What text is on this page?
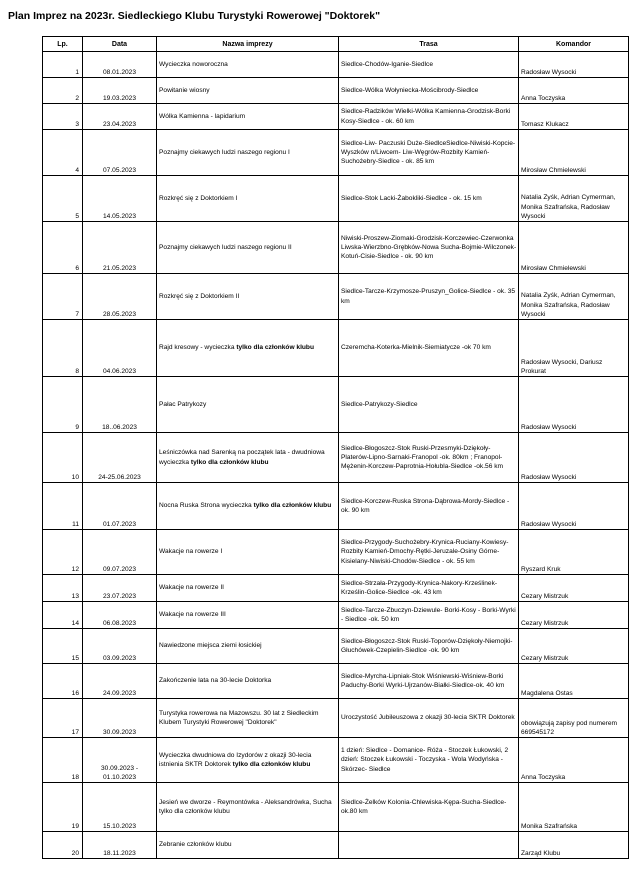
Plan Imprez na 2023r. Siedleckiego Klubu Turystyki Rowerowej "Doktorek"
Lp.	Data	Nazwa imprezy	Trasa	Komandor
1	08.01.2023	Wycieczka noworoczna	Siedlce-Chodów-Iganie-Siedlce	Radosław Wysocki
2	19.03.2023	Powitanie wiosny	Siedlce-Wólka Wołyniecka-Mościbrody-Siedlce	Anna Toczyska
3	23.04.2023	Wólka Kamienna - lapidarium	Siedlce-Radzików Wielki-Wólka Kamienna-Grodzisk-Borki Kosy-Siedlce - ok. 60 km	Tomasz Klukacz
4	07.05.2023	Poznajmy ciekawych ludzi naszego regionu I	Siedlce-Liw- Paczuski Duże-SiedlceSiedlce-Niwiski-Kopcie- Wyszków n/Liwcem- Liw-Węgrów-Rozbity Kamień- Suchożebry-Siedlce - ok. 85 km	Mirosław Chmielewski
5	14.05.2023	Rozkręć się z Doktorkiem I	Siedlce-Stok Lacki-Żabokliki-Siedlce - ok. 15 km	Natalia Zyśk, Adrian Cymerman, Monika Szafrańska, Radosław Wysocki
6	21.05.2023	Poznajmy ciekawych ludzi naszego regionu II	Niwiski-Proszew-Ziomaki-Grodzisk-Korczewiec-Czerwonka Liwska-Wierzbno-Grębków-Nowa Sucha-Bojmie-Wilczonek-Kotuń-Cisie-Siedlce - ok. 90 km	Mirosław Chmielewski
7	28.05.2023	Rozkręć się z Doktorkiem II	Siedlce-Tarcze-Krzymosze-Pruszyn_Golice-Siedlce - ok. 35 km	Natalia Zyśk, Adrian Cymerman, Monika Szafrańska, Radosław Wysocki
8	04.06.2023	Rajd kresowy - wycieczka tylko dla członków klubu	Czeremcha-Koterka-Mielnik-Siemiatycze -ok 70 km	Radosław Wysocki, Dariusz Prokurat
9	18..06.2023	Pałac Patrykozy	Siedlce-Patrykozy-Siedlce	Radosław Wysocki
10	24-25.06.2023	Leśniczówka nad Sarenką na początek lata - dwudniowa wycieczka tylko dla członków klubu	Siedlce-Błogoszcz-Stok Ruski-Przesmyki-Dziękoły-Platerów-Lipno-Sarnaki-Franopol -ok. 80km ; Franopol-Mężenin-Korczew-Paprotnia-Hołubla-Siedlce -ok.56 km	Radosław Wysocki
11	01.07.2023	Nocna Ruska Strona wycieczka tylko dla członków klubu	Siedlce-Korczew-Ruska Strona-Dąbrowa-Mordy-Siedlce - ok. 90 km	Radosław Wysocki
12	09.07.2023	Wakacje na rowerze I	Siedlce-Przygody-Suchożebry-Krynica-Ruciany-Kowiesy-Rozbity Kamień-Dmochy-Rętki-Jeruzale-Osiny Górne-Kisielany-Niwiski-Chodów-Siedlce - ok. 55 km	Ryszard Kruk
13	23.07.2023	Wakacje na rowerze II	Siedlce-Strzała-Przygody-Krynica-Nakory-Krześlinek-Krześlin-Golice-Siedlce -ok. 43 km	Cezary Mistrzuk
14	06.08.2023	Wakacje na rowerze III	Siedlce-Tarcze-Zbuczyn-Dziewule- Borki-Kosy - Borki-Wyrki - Siedlce -ok. 50 km	Cezary Mistrzuk
15	03.09.2023	Nawiedzone miejsca ziemi łosickiej	Siedlce-Błogoszcz-Stok Ruski-Toporów-Dziękoły-Niemojki-Głuchówek-Czepielin-Siedlce -ok. 90 km	Cezary Mistrzuk
16	24.09.2023	Zakończenie lata na 30-lecie Doktorka	Siedlce-Myrcha-Lipniak-Stok Wiśniewski-Wiśniew-Borki Paduchy-Borki Wyrki-Ujrzanów-Białki-Siedlce-ok. 40 km	Magdalena Ostas
17	30.09.2023	Turystyka rowerowa na Mazowszu. 30 lat z Siedleckim Klubem Turystyki Rowerowej "Doktorek"	Uroczystość Jubileuszowa z okazji 30-lecia SKTR Doktorek	obowiązują zapisy pod numerem 669545172
18	30.09.2023 - 01.10.2023	Wycieczka dwudniowa do Izydorów z okazji 30-lecia istnienia SKTR Doktorek tylko dla członków klubu	1 dzień: Siedlce - Domanice- Róża - Stoczek Łukowski, 2 dzień: Stoczek Łukowski - Toczyska - Wola Wodyńska - Skórzec- Siedlce	Anna Toczyska
19	15.10.2023	Jesień we dworze - Reymontówka - Aleksandrówka, Sucha tylko dla członków klubu	Siedlce-Żelków Kolonia-Chlewiska-Kępa-Sucha-Siedlce-ok.80 km	Monika Szafrańska
20	18.11.2023	Zebranie członków klubu		Zarząd Klubu
